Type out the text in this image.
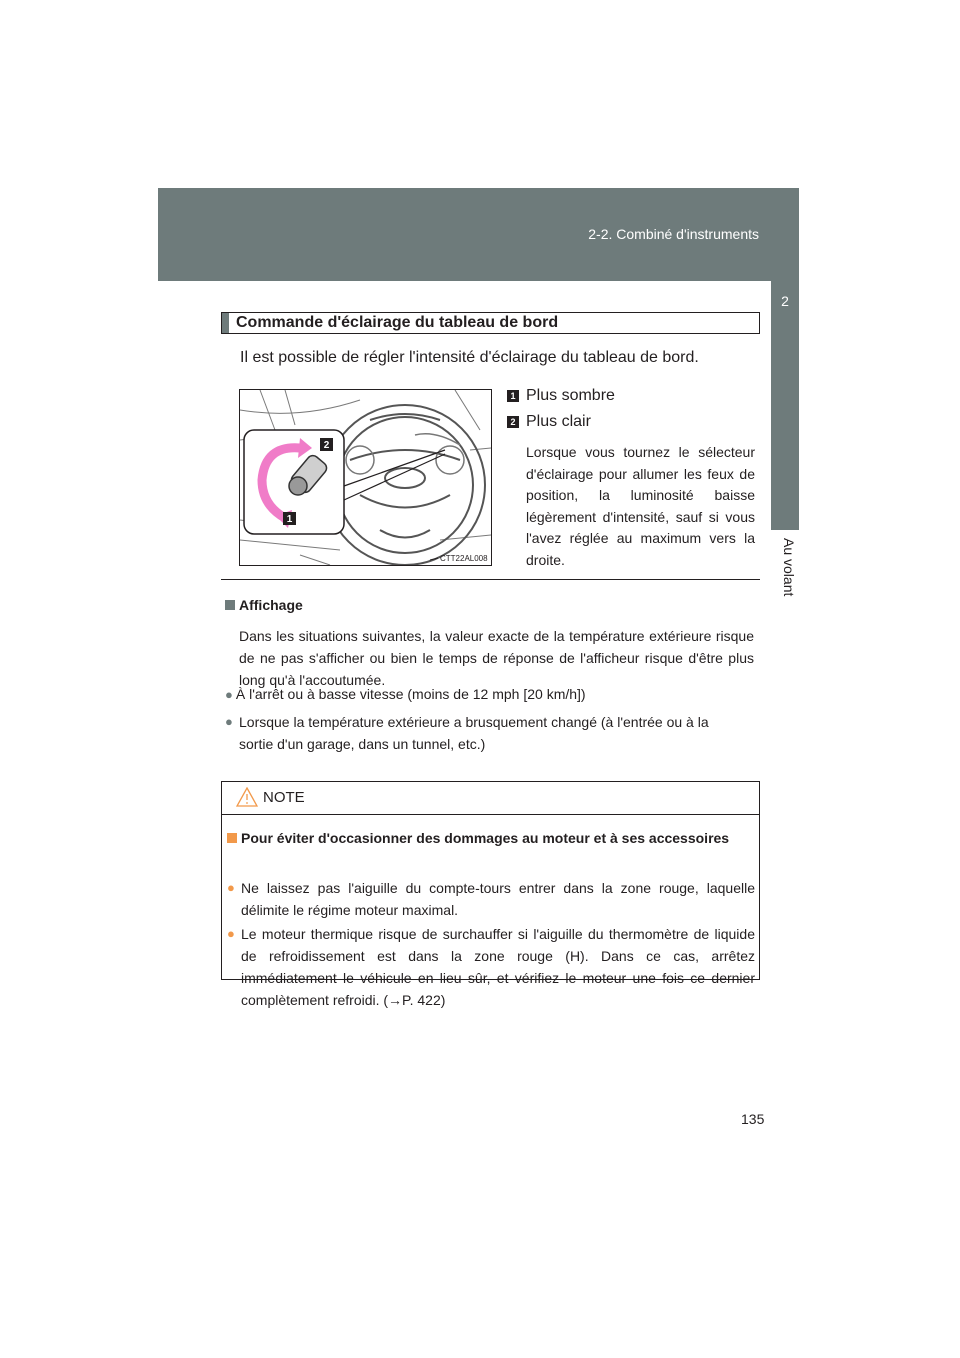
2-2. Combiné d'instruments
2
Au volant
Commande d'éclairage du tableau de bord
Il est possible de régler l'intensité d'éclairage du tableau de bord.
2
1
CTT22AL008
1 Plus sombre
2 Plus clair
Lorsque vous tournez le sélecteur d'éclairage pour allumer les feux de position, la luminosité baisse légèrement d'intensité, sauf si vous l'avez réglée au maximum vers la droite.
Affichage
Dans les situations suivantes, la valeur exacte de la température extérieure risque de ne pas s'afficher ou bien le temps de réponse de l'afficheur risque d'être plus long qu'à l'accoutumée.
● À l'arrêt ou à basse vitesse (moins de 12 mph [20 km/h])
● Lorsque la température extérieure a brusquement changé (à l'entrée ou à la sortie d'un garage, dans un tunnel, etc.)
NOTE
Pour éviter d'occasionner des dommages au moteur et à ses accessoires
● Ne laissez pas l'aiguille du compte-tours entrer dans la zone rouge, laquelle délimite le régime moteur maximal.
● Le moteur thermique risque de surchauffer si l'aiguille du thermomètre de liquide de refroidissement est dans la zone rouge (H). Dans ce cas, arrêtez immédiatement le véhicule en lieu sûr, et vérifiez le moteur une fois ce dernier complètement refroidi. (→P. 422)
135
